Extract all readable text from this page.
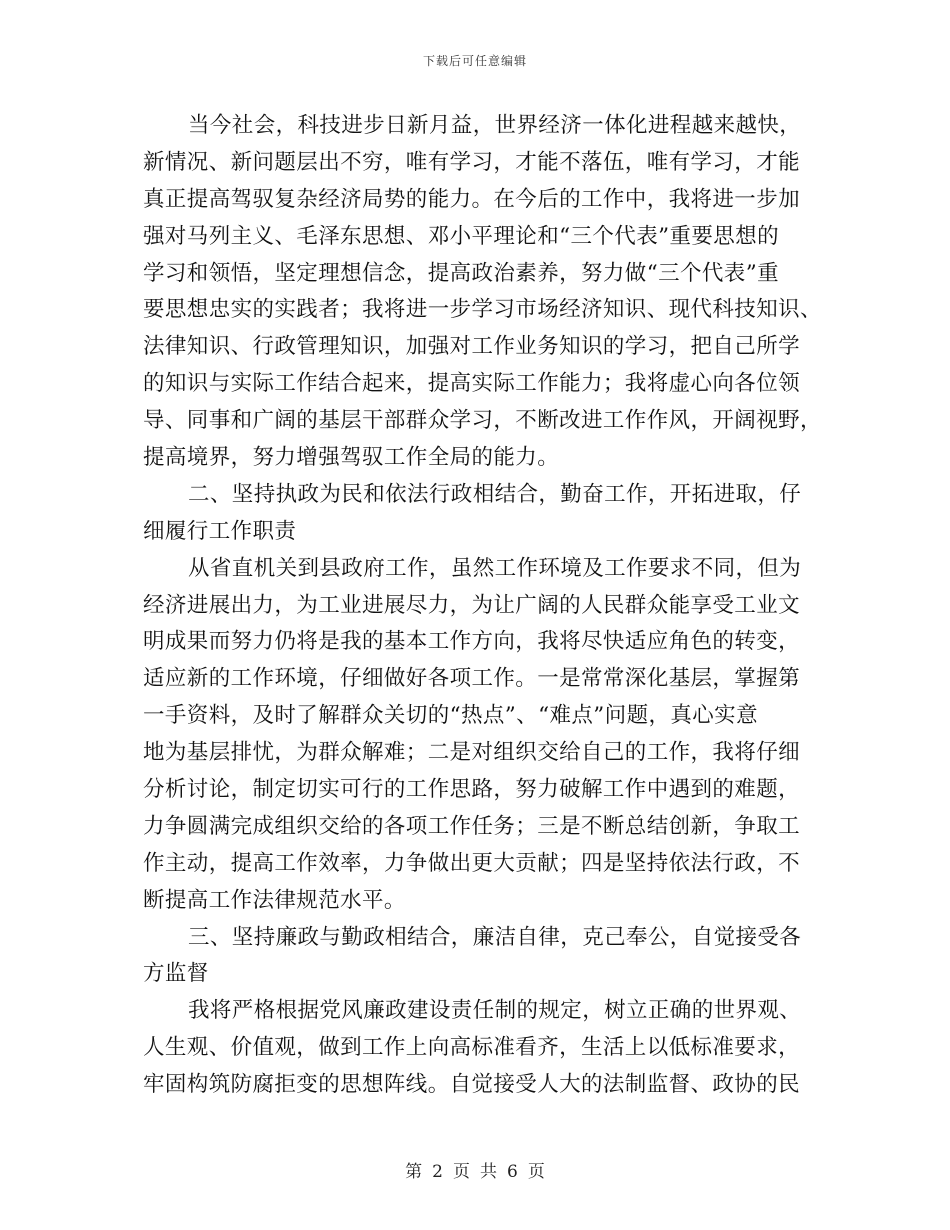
下载后可任意编辑
当今社会，科技进步日新月益，世界经济一体化进程越来越快，
新情况、新问题层出不穷，唯有学习，才能不落伍，唯有学习，才能
真正提高驾驭复杂经济局势的能力。在今后的工作中，我将进一步加
强对马列主义、毛泽东思想、邓小平理论和“三个代表”重要思想的
学习和领悟，坚定理想信念，提高政治素养，努力做“三个代表”重
要思想忠实的实践者；我将进一步学习市场经济知识、现代科技知识、
法律知识、行政管理知识，加强对工作业务知识的学习，把自己所学
的知识与实际工作结合起来，提高实际工作能力；我将虚心向各位领
导、同事和广阔的基层干部群众学习，不断改进工作作风，开阔视野，
提高境界，努力增强驾驭工作全局的能力。
二、坚持执政为民和依法行政相结合，勤奋工作，开拓进取，仔
细履行工作职责
从省直机关到县政府工作，虽然工作环境及工作要求不同，但为
经济进展出力，为工业进展尽力，为让广阔的人民群众能享受工业文
明成果而努力仍将是我的基本工作方向，我将尽快适应角色的转变，
适应新的工作环境，仔细做好各项工作。一是常常深化基层，掌握第
一手资料，及时了解群众关切的“热点”、“难点”问题，真心实意
地为基层排忧，为群众解难；二是对组织交给自己的工作，我将仔细
分析讨论，制定切实可行的工作思路，努力破解工作中遇到的难题，
力争圆满完成组织交给的各项工作任务；三是不断总结创新，争取工
作主动，提高工作效率，力争做出更大贡献；四是坚持依法行政，不
断提高工作法律规范水平。
三、坚持廉政与勤政相结合，廉洁自律，克己奉公，自觉接受各
方监督
我将严格根据党风廉政建设责任制的规定，树立正确的世界观、
人生观、价值观，做到工作上向高标准看齐，生活上以低标准要求，
牢固构筑防腐拒变的思想阵线。自觉接受人大的法制监督、政协的民
第 2 页 共 6 页
